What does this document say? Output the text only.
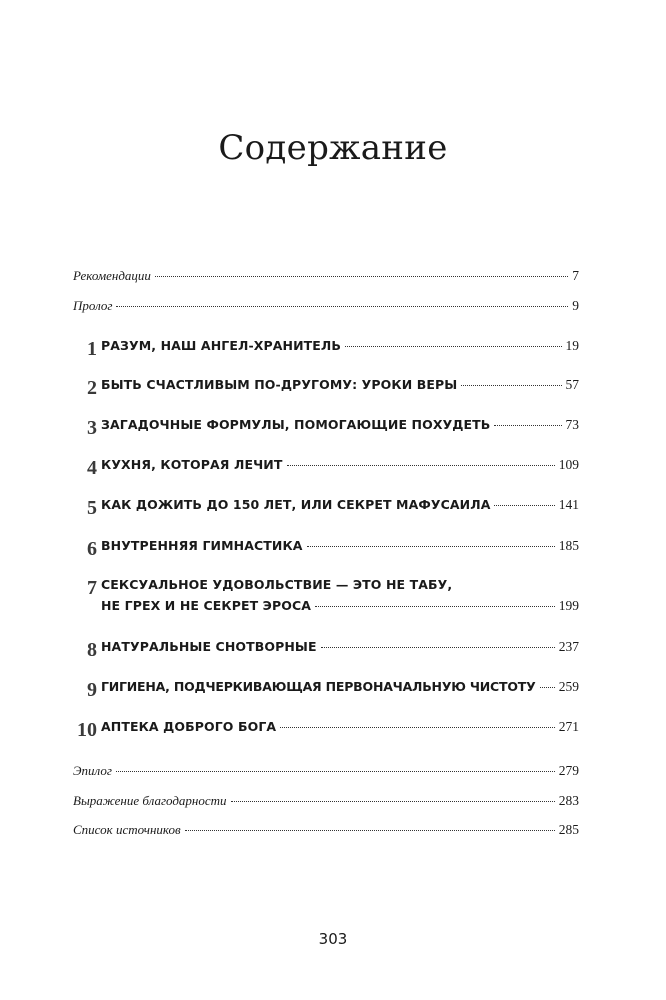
Содержание
Рекомендации	7
Пролог	9
1 РАЗУМ, НАШ АНГЕЛ-ХРАНИТЕЛЬ	19
2 БЫТЬ СЧАСТЛИВЫМ ПО-ДРУГОМУ: УРОКИ ВЕРЫ	57
3 ЗАГАДОЧНЫЕ ФОРМУЛЫ, ПОМОГАЮЩИЕ ПОХУДЕТЬ	73
4 КУХНЯ, КОТОРАЯ ЛЕЧИТ	109
5 КАК ДОЖИТЬ ДО 150 ЛЕТ, ИЛИ СЕКРЕТ МАФУСАИЛА	141
6 ВНУТРЕННЯЯ ГИМНАСТИКА	185
7 СЕКСУАЛЬНОЕ УДОВОЛЬСТВИЕ — ЭТО НЕ ТАБУ,
НЕ ГРЕХ И НЕ СЕКРЕТ ЭРОСА	199
8 НАТУРАЛЬНЫЕ СНОТВОРНЫЕ	237
9 ГИГИЕНА, ПОДЧЕРКИВАЮЩАЯ ПЕРВОНАЧАЛЬНУЮ ЧИСТОТУ 259
10 АПТЕКА ДОБРОГО БОГА	271
Эпилог	279
Выражение благодарности	283
Список источников	285
303
